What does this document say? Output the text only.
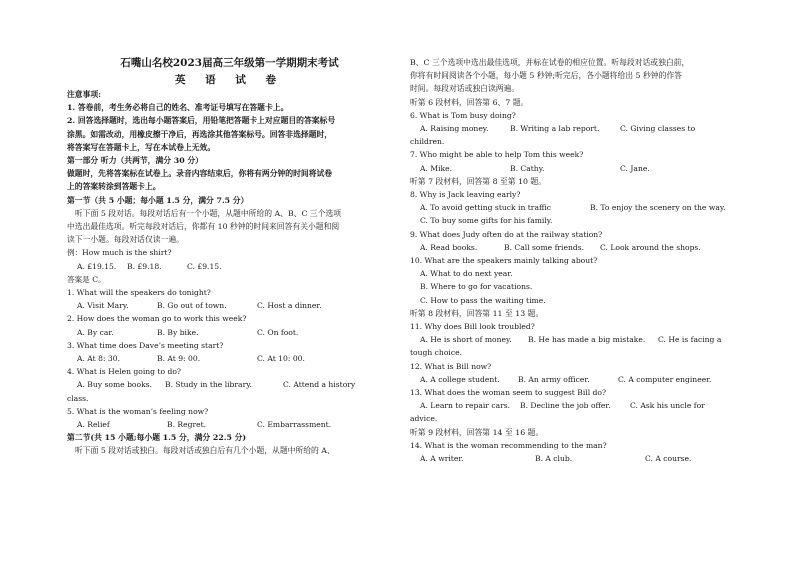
石嘴山名校2023届高三年级第一学期期末考试
英 语 试 卷
注意事项:
1. 答卷前，考生务必将自己的姓名、准考证号填写在答题卡上。
2. 回答选择题时，选出每小题答案后，用铅笔把答题卡上对应题目的答案标号
涂黑。如需改动，用橡皮擦干净后，再选涂其他答案标号。回答非选择题时，
将答案写在答题卡上，写在本试卷上无效。
第一部分 听力（共两节，满分 30 分）
做题时，先将答案标在试卷上。录音内容结束后，你将有两分钟的时间将试卷
上的答案转涂到答题卡上。
第一节（共 5 小题；每小题 1.5 分，满分 7.5 分）
听下面 5 段对话。每段对话后有一个小题，从题中所给的 A、B、C 三个选项
中选出最佳选项。听完每段对话后，你都有 10 秒钟的时间来回答有关小题和阅
读下一小题。每段对话仅读一遍。
例：How much is the shirt?
A. £19.15.	B. £9.18.	C. £9.15.
答案是 C。
1. What will the speakers do tonight?
A. Visit Mary.	B. Go out of town.	C. Host a dinner.
2. How does the woman go to work this week?
A. By car.	B. By bike.	C. On foot.
3. What time does Dave’s meeting start?
A. At 8: 30.	B. At 9: 00.	C. At 10: 00.
4. What is Helen going to do?
A. Buy some books.	B. Study in the library.	C. Attend a history
class.
5. What is the woman’s feeling now?
A. Relief	B. Regret.	C. Embarrassment.
第二节(共 15 小题;每小题 1.5 分，满分 22.5 分)
听下面 5 段对话或独白。每段对话或独白后有几个小题，从题中所给的 A、
B、C 三个选项中选出最佳选项，并标在试卷的相应位置。听每段对话或独白前，
你将有时间阅读各个小题，每小题 5 秒钟;听完后，各小题将给出 5 秒钟的作答
时间。每段对话或独白读两遍。
听第 6 段材料，回答第 6、7 题。
6. What is Tom busy doing?
A. Raising money.	B. Writing a lab report.	C. Giving classes to
children.
7. Who might be able to help Tom this week?
A. Mike.	B. Cathy.	C. Jane.
听第 7 段材料，回答第 8 至第 10 题。
8. Why is Jack leaving early?
A. To avoid getting stuck in traffic	B. To enjoy the scenery on the way.
C. To buy some gifts for his family.
9. What does Judy often do at the railway station?
A. Read books.	B. Call some friends.	C. Look around the shops.
10. What are the speakers mainly talking about?
A. What to do next year.
B. Where to go for vacations.
C. How to pass the waiting time.
听第 8 段材料，回答第 11 至 13 题。
11. Why does Bill look troubled?
A. He is short of money.	B. He has made a big mistake.	C. He is facing a
tough choice.
12. What is Bill now?
A. A college student.	B. An army officer.	C. A computer engineer.
13. What does the woman seem to suggest Bill do?
A. Learn to repair cars.	B. Decline the job offer.	C. Ask his uncle for
advice.
听第 9 段材料，回答第 14 至 16 题。
14. What is the woman recommending to the man?
A. A writer.	B. A club.	C. A course.
